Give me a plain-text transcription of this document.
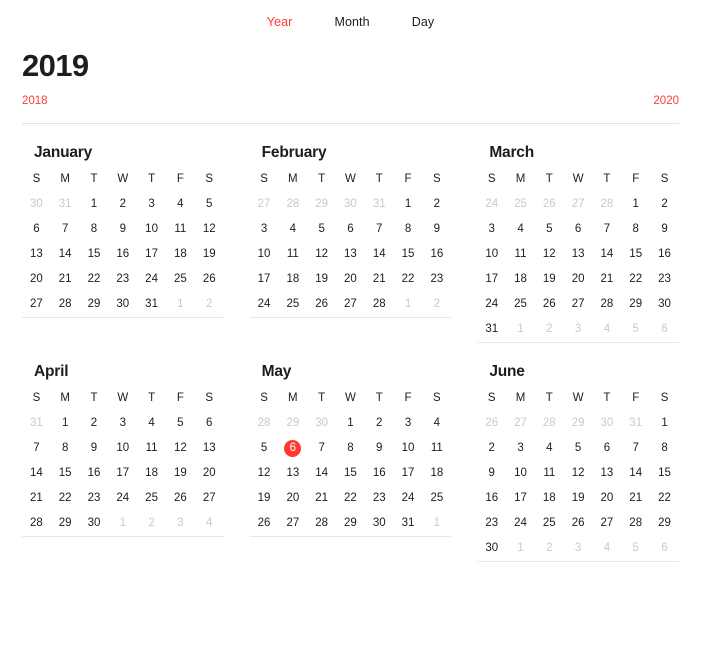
Year	Month	Day
2019
2018	2020
January
S	M	T	W	T	F	S
30	31	1	2	3	4	5
6	7	8	9	10	11	12
13	14	15	16	17	18	19
20	21	22	23	24	25	26
27	28	29	30	31	1	2
February
S	M	T	W	T	F	S
27	28	29	30	31	1	2
3	4	5	6	7	8	9
10	11	12	13	14	15	16
17	18	19	20	21	22	23
24	25	26	27	28	1	2
March
S	M	T	W	T	F	S
24	25	26	27	28	1	2
3	4	5	6	7	8	9
10	11	12	13	14	15	16
17	18	19	20	21	22	23
24	25	26	27	28	29	30
31	1	2	3	4	5	6
April
S	M	T	W	T	F	S
31	1	2	3	4	5	6
7	8	9	10	11	12	13
14	15	16	17	18	19	20
21	22	23	24	25	26	27
28	29	30	1	2	3	4
May
S	M	T	W	T	F	S
28	29	30	1	2	3	4
5	6	7	8	9	10	11
12	13	14	15	16	17	18
19	20	21	22	23	24	25
26	27	28	29	30	31	1
June
S	M	T	W	T	F	S
26	27	28	29	30	31	1
2	3	4	5	6	7	8
9	10	11	12	13	14	15
16	17	18	19	20	21	22
23	24	25	26	27	28	29
30	1	2	3	4	5	6
